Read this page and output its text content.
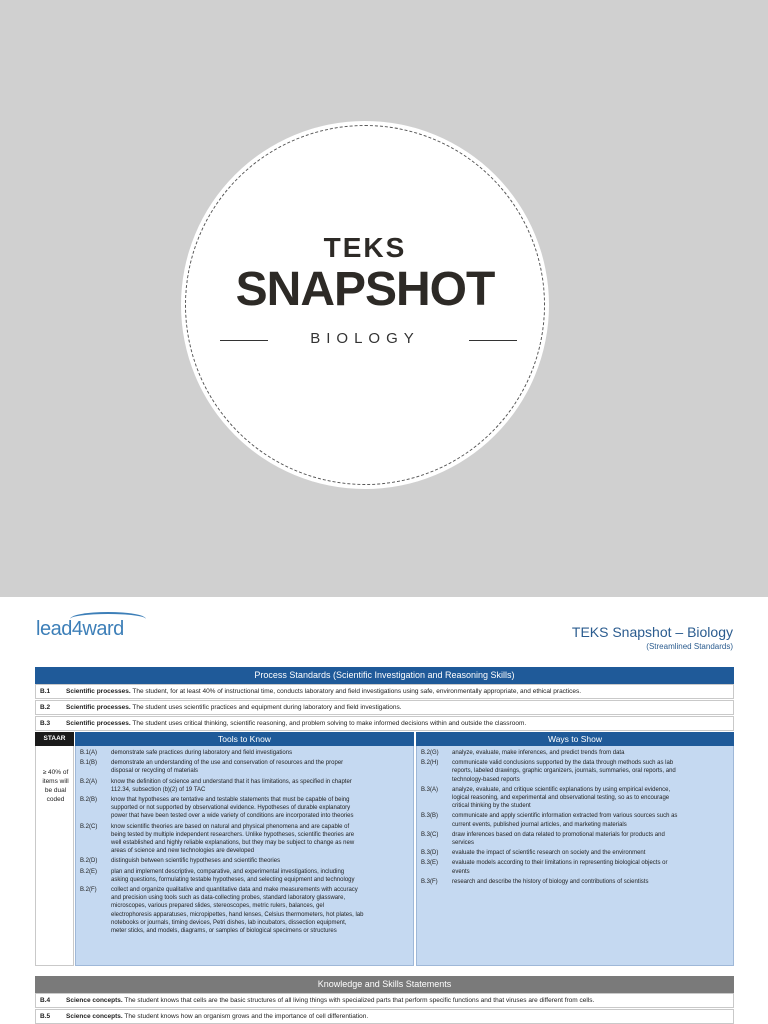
TEKS
SNAPSHOT
BIOLOGY
lead4ward	TEKS Snapshot – Biology
(Streamlined Standards)
Process Standards (Scientific Investigation and Reasoning Skills)
B.1 Scientific processes. The student, for at least 40% of instructional time, conducts laboratory and field investigations using safe, environmentally appropriate, and ethical practices.
B.2 Scientific processes. The student uses scientific practices and equipment during laboratory and field investigations.
B.3 Scientific processes. The student uses critical thinking, scientific reasoning, and problem solving to make informed decisions within and outside the classroom.
STAAR
≥ 40% of items will be dual coded
Tools to Know
B.1(A)	demonstrate safe practices during laboratory and field investigations
B.1(B)	demonstrate an understanding of the use and conservation of resources and the proper
disposal or recycling of materials
B.2(A)	know the definition of science and understand that it has limitations, as specified in chapter
112.34, subsection (b)(2) of 19 TAC
B.2(B)	know that hypotheses are tentative and testable statements that must be capable of being
supported or not supported by observational evidence. Hypotheses of durable explanatory
power that have been tested over a wide variety of conditions are incorporated into theories
B.2(C)	know scientific theories are based on natural and physical phenomena and are capable of
being tested by multiple independent researchers. Unlike hypotheses, scientific theories are
well established and highly reliable explanations, but they may be subject to change as new
areas of science and new technologies are developed
B.2(D)	distinguish between scientific hypotheses and scientific theories
B.2(E)	plan and implement descriptive, comparative, and experimental investigations, including
asking questions, formulating testable hypotheses, and selecting equipment and technology
B.2(F)	collect and organize qualitative and quantitative data and make measurements with accuracy
and precision using tools such as data-collecting probes, standard laboratory glassware,
microscopes, various prepared slides, stereoscopes, metric rulers, balances, gel
electrophoresis apparatuses, micropipettes, hand lenses, Celsius thermometers, hot plates, lab
notebooks or journals, timing devices, Petri dishes, lab incubators, dissection equipment,
meter sticks, and models, diagrams, or samples of biological specimens or structures
Ways to Show
B.2(G)	analyze, evaluate, make inferences, and predict trends from data
B.2(H)	communicate valid conclusions supported by the data through methods such as lab
reports, labeled drawings, graphic organizers, journals, summaries, oral reports, and
technology-based reports
B.3(A)	analyze, evaluate, and critique scientific explanations by using empirical evidence,
logical reasoning, and experimental and observational testing, so as to encourage
critical thinking by the student
B.3(B)	communicate and apply scientific information extracted from various sources such as
current events, published journal articles, and marketing materials
B.3(C)	draw inferences based on data related to promotional materials for products and
services
B.3(D)	evaluate the impact of scientific research on society and the environment
B.3(E)	evaluate models according to their limitations in representing biological objects or
events
B.3(F)	research and describe the history of biology and contributions of scientists
Knowledge and Skills Statements
B.4 Science concepts. The student knows that cells are the basic structures of all living things with specialized parts that perform specific functions and that viruses are different from cells.
B.5 Science concepts. The student knows how an organism grows and the importance of cell differentiation.
